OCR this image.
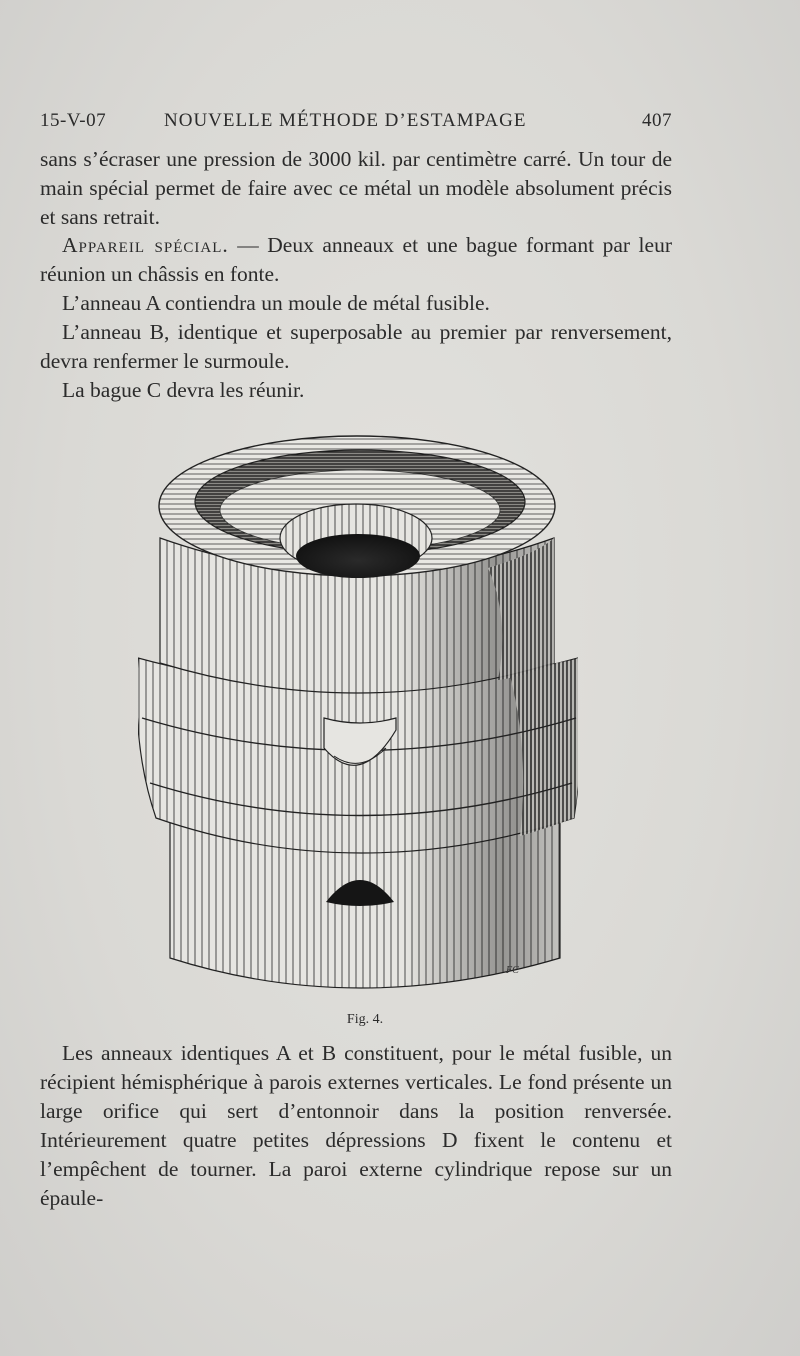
15-V-07	NOUVELLE MÉTHODE D’ESTAMPAGE	407

sans s’écraser une pression de 3000 kil. par centimètre carré. Un tour de main spécial permet de faire avec ce métal un modèle absolument précis et sans retrait.

Appareil spécial. — Deux anneaux et une bague formant par leur réunion un châssis en fonte.

L’anneau A contiendra un moule de métal fusible.

L’anneau B, identique et superposable au premier par renversement, devra renfermer le surmoule.

La bague C devra les réunir.

FC
Fig. 4.

Les anneaux identiques A et B constituent, pour le métal fusible, un récipient hémisphérique à parois externes verticales. Le fond présente un large orifice qui sert d’entonnoir dans la position renversée. Intérieurement quatre petites dépressions D fixent le contenu et l’empêchent de tourner. La paroi externe cylindrique repose sur un épaule-
